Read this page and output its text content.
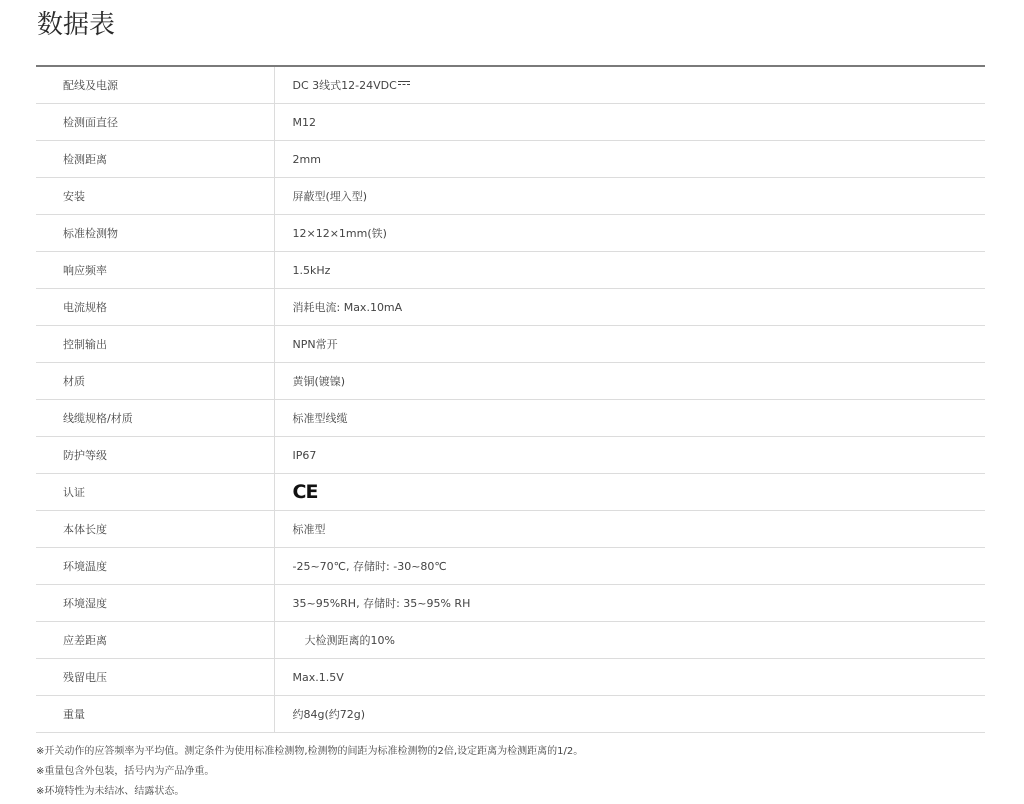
数据表
配线及电源	DC 3线式12-24VDC

检测面直径	M12
检测距离	2mm
安装	屏蔽型(埋入型)
标准检测物	12×12×1mm(铁)
响应频率	1.5kHz
电流规格	消耗电流: Max.10mA
控制输出	NPN常开
材质	黄铜(镀镍)
线缆规格/材质	标准型线缆
防护等级	IP67
认证	CE
本体长度	标准型
环境温度	-25~70℃, 存储时: -30~80℃
环境湿度	35~95%RH, 存储时: 35~95% RH
应差距离	大检测距离的10%
残留电压	Max.1.5V
重量	约84g(约72g)
※开关动作的应答频率为平均值。测定条件为使用标准检测物,检测物的间距为标准检测物的2倍,设定距离为检测距离的1/2。
※重量包含外包装，括号内为产品净重。
※环境特性为未结冰、结露状态。
